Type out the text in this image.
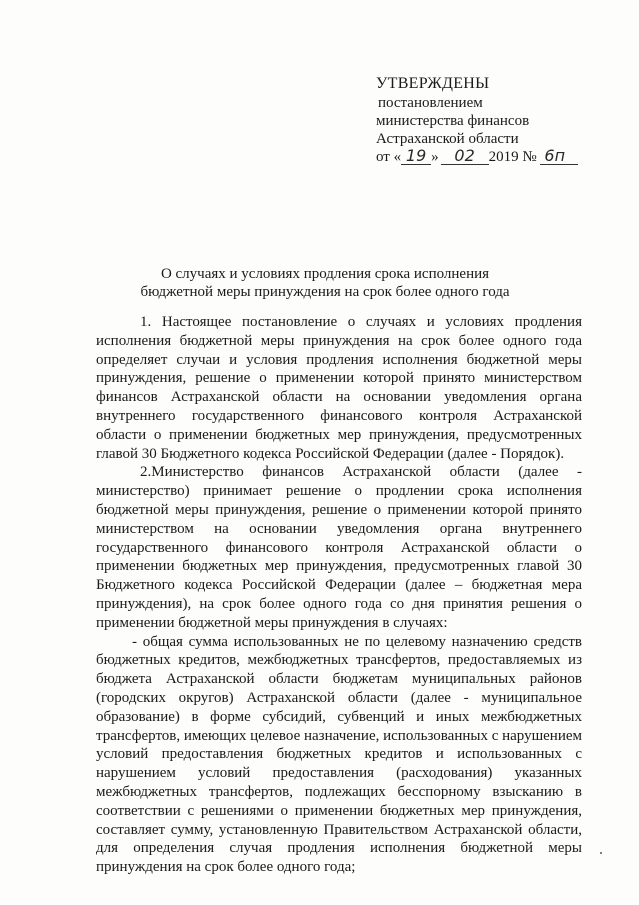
УТВЕРЖДЕНЫ
постановлением
министерства финансов
Астраханской области
от « 19 » 02 2019 № 6п
О случаях и условиях продления срока исполнения
бюджетной меры принуждения на срок более одного года

1. Настоящее постановление о случаях и условиях продления исполнения бюджетной меры принуждения на срок более одного года определяет случаи и условия продления исполнения бюджетной меры принуждения, решение о применении которой принято министерством финансов Астраханской области на основании уведомления органа внутреннего государственного финансового контроля Астраханской области о применении бюджетных мер принуждения, предусмотренных главой 30 Бюджетного кодекса Российской Федерации (далее - Порядок).

2.Министерство финансов Астраханской области (далее - министерство) принимает решение о продлении срока исполнения бюджетной меры принуждения, решение о применении которой принято министерством на основании уведомления органа внутреннего государственного финансового контроля Астраханской области о применении бюджетных мер принуждения, предусмотренных главой 30 Бюджетного кодекса Российской Федерации (далее – бюджетная мера принуждения), на срок более одного года со дня принятия решения о применении бюджетной меры принуждения в случаях:

- общая сумма использованных не по целевому назначению средств бюджетных кредитов, межбюджетных трансфертов, предоставляемых из бюджета Астраханской области бюджетам муниципальных районов (городских округов) Астраханской области (далее - муниципальное образование) в форме субсидий, субвенций и иных межбюджетных трансфертов, имеющих целевое назначение, использованных с нарушением условий предоставления бюджетных кредитов и использованных с нарушением условий предоставления (расходования) указанных межбюджетных трансфертов, подлежащих бесспорному взысканию в соответствии с решениями о применении бюджетных мер принуждения, составляет сумму, установленную Правительством Астраханской области, для определения случая продления исполнения бюджетной меры принуждения на срок более одного года;
